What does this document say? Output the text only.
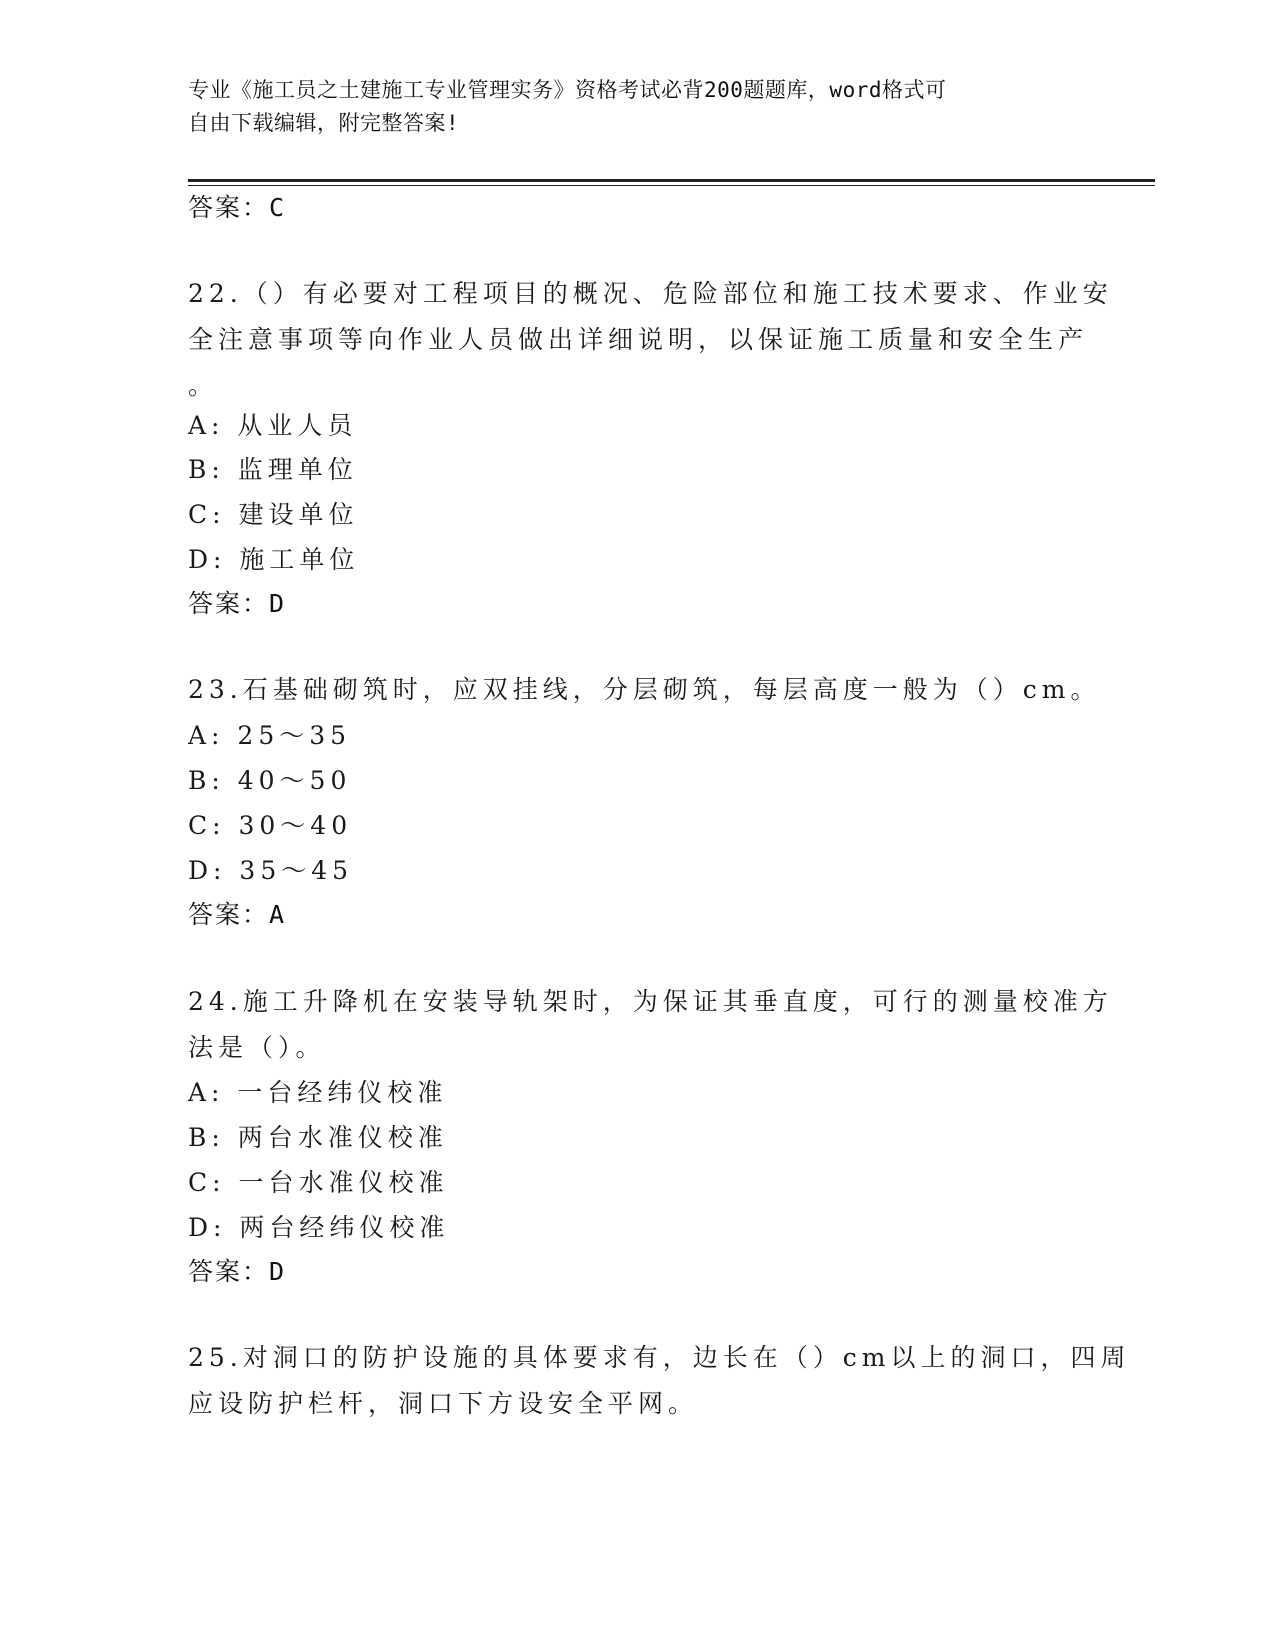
专业《施工员之土建施工专业管理实务》资格考试必背200题题库，word格式可
自由下载编辑，附完整答案!
答案：C
22.（）有必要对工程项目的概况、危险部位和施工技术要求、作业安
全注意事项等向作业人员做出详细说明，以保证施工质量和安全生产
。
A: 从业人员
B: 监理单位
C: 建设单位
D: 施工单位
答案：D
23.石基础砌筑时，应双挂线，分层砌筑，每层高度一般为（）cm。
A: 25～35
B: 40～50
C: 30～40
D: 35～45
答案：A
24.施工升降机在安装导轨架时，为保证其垂直度，可行的测量校准方
法是（）。
A: 一台经纬仪校准
B: 两台水准仪校准
C: 一台水准仪校准
D: 两台经纬仪校准
答案：D
25.对洞口的防护设施的具体要求有，边长在（）cm以上的洞口，四周
应设防护栏杆，洞口下方设安全平网。
